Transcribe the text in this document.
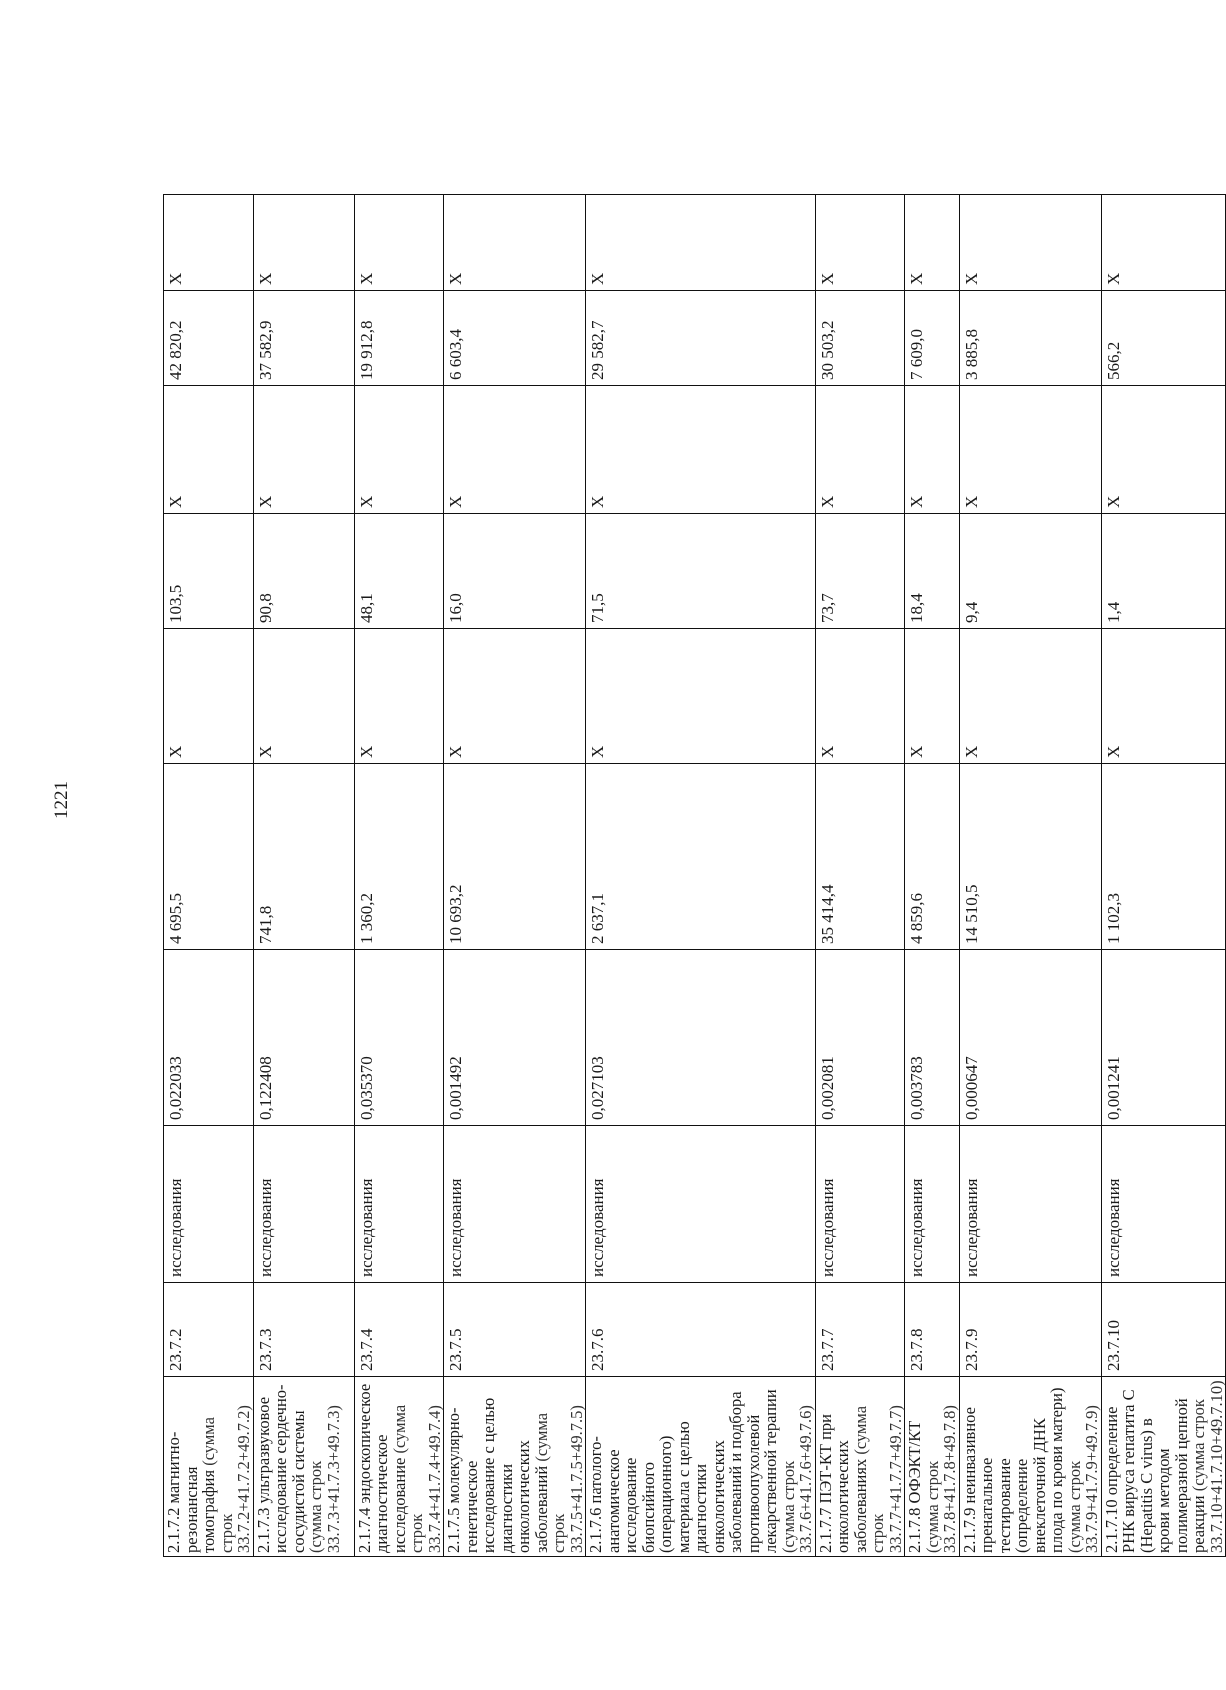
1221
2.1.7.2 магнитно-резонансная томография (сумма строк 33.7.2+41.7.2+49.7.2)	23.7.2	исследования	0,022033	4 695,5	X	103,5	X	42 820,2	X
2.1.7.3 ультразвуковое исследование сердечно-сосудистой системы (сумма строк 33.7.3+41.7.3+49.7.3)	23.7.3	исследования	0,122408	741,8	X	90,8	X	37 582,9	X
2.1.7.4 эндоскопическое диагностическое исследование (сумма строк 33.7.4+41.7.4+49.7.4)	23.7.4	исследования	0,035370	1 360,2	X	48,1	X	19 912,8	X
2.1.7.5 молекулярно-генетическое исследование с целью диагностики онкологических заболеваний (сумма строк 33.7.5+41.7.5+49.7.5)	23.7.5	исследования	0,001492	10 693,2	X	16,0	X	6 603,4	X
2.1.7.6 патолого-анатомическое исследование биопсийного (операционного) материала с целью диагностики онкологических заболеваний и подбора противоопухолевой лекарственной терапии (сумма строк 33.7.6+41.7.6+49.7.6)	23.7.6	исследования	0,027103	2 637,1	X	71,5	X	29 582,7	X
2.1.7.7 ПЭТ-КТ при онкологических заболеваниях (сумма строк 33.7.7+41.7.7+49.7.7)	23.7.7	исследования	0,002081	35 414,4	X	73,7	X	30 503,2	X
2.1.7.8 ОФЭКТ/КТ (сумма строк 33.7.8+41.7.8+49.7.8)	23.7.8	исследования	0,003783	4 859,6	X	18,4	X	7 609,0	X
2.1.7.9 неинвазивное пренатальное тестирование (определение внеклеточной ДНК плода по крови матери) (сумма строк 33.7.9+41.7.9+49.7.9)	23.7.9	исследования	0,000647	14 510,5	X	9,4	X	3 885,8	X
2.1.7.10 определение РНК вируса гепатита С (Hepatitis С virus) в крови методом полимеразной цепной реакции (сумма строк 33.7.10+41.7.10+49.7.10)	23.7.10	исследования	0,001241	1 102,3	X	1,4	X	566,2	X
